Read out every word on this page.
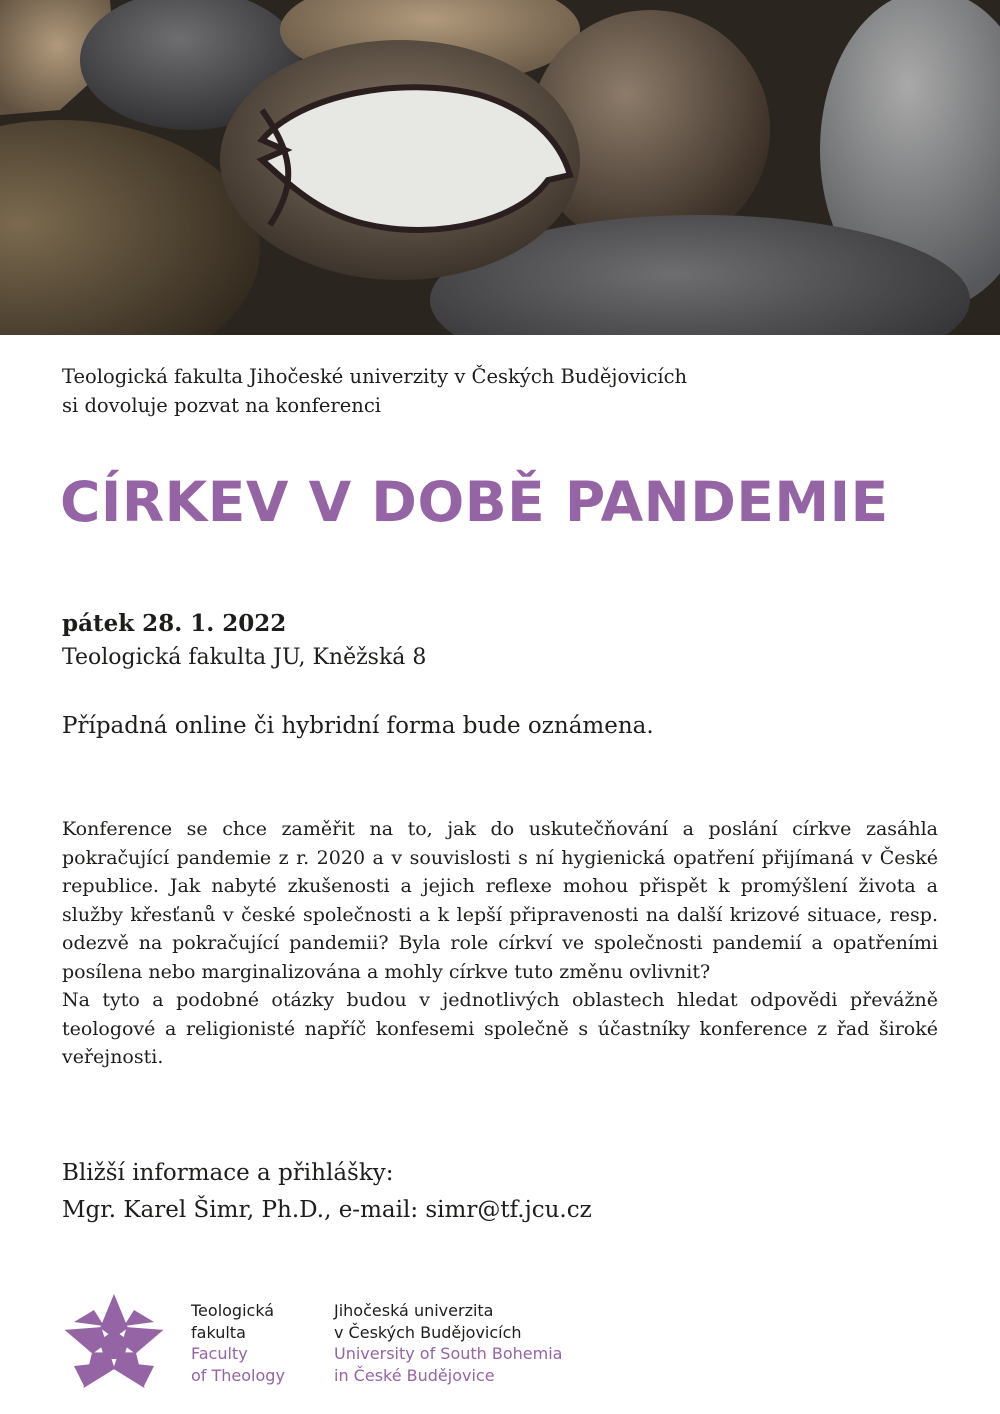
Teologická fakulta Jihočeské univerzity v Českých Budějovicích
si dovoluje pozvat na konferenci
CÍRKEV V DOBĚ PANDEMIE
pátek 28. 1. 2022
Teologická fakulta JU, Kněžská 8
Případná online či hybridní forma bude oznámena.

Konference se chce zaměřit na to, jak do uskutečňování a poslání církve zasáhla pokračující pandemie z r. 2020 a v souvislosti s ní hygienická opatření přijímaná v České republice. Jak nabyté zkušenosti a jejich reflexe mohou přispět k promýšlení života a služby křesťanů v české společnosti a k lepší připravenosti na další krizové situace, resp. odezvě na pokračující pandemii? Byla role církví ve společnosti pandemií a opatřeními posílena nebo marginalizována a mohly církve tuto změnu ovlivnit?

Na tyto a podobné otázky budou v jednotlivých oblastech hledat odpovědi převážně teologové a religionisté napříč konfesemi společně s účastníky konference z řad široké veřejnosti.

Bližší informace a přihlášky:
Mgr. Karel Šimr, Ph.D., e-mail: simr@tf.jcu.cz
Teologická
fakulta
Faculty
of Theology
Jihočeská univerzita
v Českých Budějovicích
University of South Bohemia
in České Budějovice
